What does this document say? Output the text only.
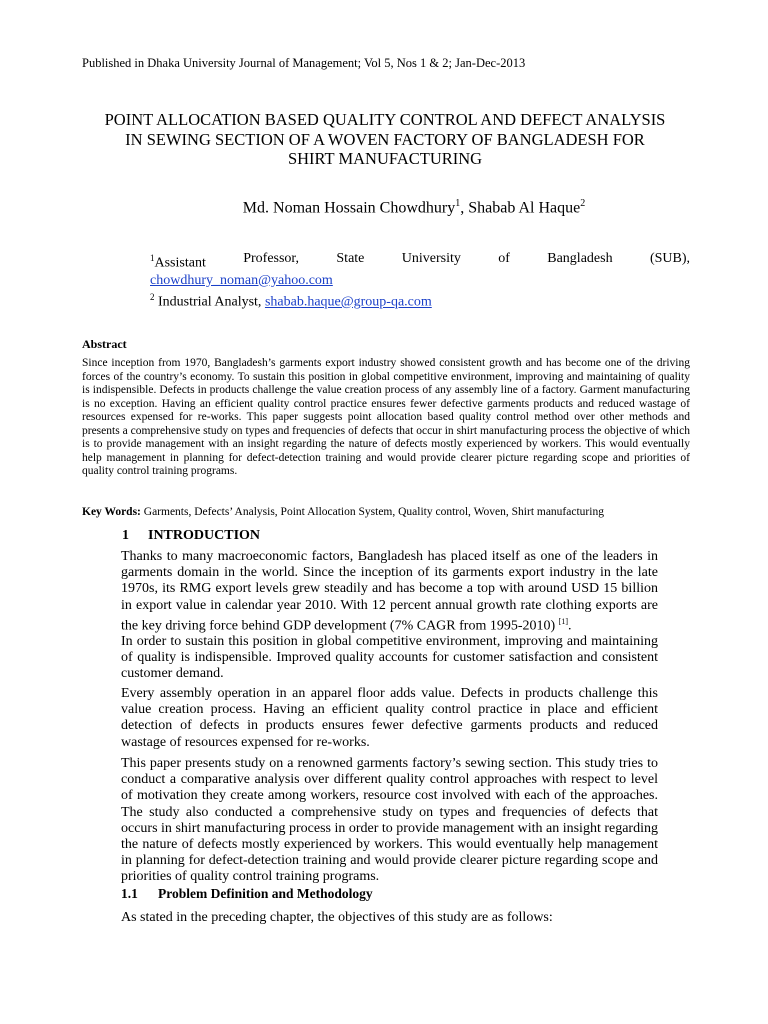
Published in Dhaka University Journal of Management; Vol 5, Nos 1 & 2; Jan-Dec-2013
POINT ALLOCATION BASED QUALITY CONTROL AND DEFECT ANALYSIS IN SEWING SECTION OF A WOVEN FACTORY OF BANGLADESH FOR SHIRT MANUFACTURING
Md. Noman Hossain Chowdhury$^1$, Shabab Al Haque$^2$
$^1$Assistant	Professor,	State	University	of	Bangladesh	(SUB),
chowdhury_noman@yahoo.com
$^2$ Industrial Analyst, shabab.haque@group-qa.com
Abstract
Since inception from 1970, Bangladesh’s garments export industry showed consistent growth and has become one of the driving forces of the country’s economy. To sustain this position in global competitive environment, improving and maintaining of quality is indispensible. Defects in products challenge the value creation process of any assembly line of a factory. Garment manufacturing is no exception. Having an efficient quality control practice ensures fewer defective garments products and reduced wastage of resources expensed for re-works. This paper suggests point allocation based quality control method over other methods and presents a comprehensive study on types and frequencies of defects that occur in shirt manufacturing process the objective of which is to provide management with an insight regarding the nature of defects mostly experienced by workers. This would eventually help management in planning for defect-detection training and would provide clearer picture regarding scope and priorities of quality control training programs.
Key Words: Garments, Defects’ Analysis, Point Allocation System, Quality control, Woven, Shirt manufacturing
1 INTRODUCTION
Thanks to many macroeconomic factors, Bangladesh has placed itself as one of the leaders in garments domain in the world. Since the inception of its garments export industry in the late 1970s, its RMG export levels grew steadily and has become a top with around USD 15 billion in export value in calendar year 2010. With 12 percent annual growth rate clothing exports are the key driving force behind GDP development (7% CAGR from 1995-2010) [1].
In order to sustain this position in global competitive environment, improving and maintaining of quality is indispensible. Improved quality accounts for customer satisfaction and consistent customer demand.
Every assembly operation in an apparel floor adds value. Defects in products challenge this value creation process. Having an efficient quality control practice in place and efficient detection of defects in products ensures fewer defective garments products and reduced wastage of resources expensed for re-works.
This paper presents study on a renowned garments factory’s sewing section. This study tries to conduct a comparative analysis over different quality control approaches with respect to level of motivation they create among workers, resource cost involved with each of the approaches. The study also conducted a comprehensive study on types and frequencies of defects that occurs in shirt manufacturing process in order to provide management with an insight regarding the nature of defects mostly experienced by workers. This would eventually help management in planning for defect-detection training and would provide clearer picture regarding scope and priorities of quality control training programs.
1.1 Problem Definition and Methodology
As stated in the preceding chapter, the objectives of this study are as follows:
